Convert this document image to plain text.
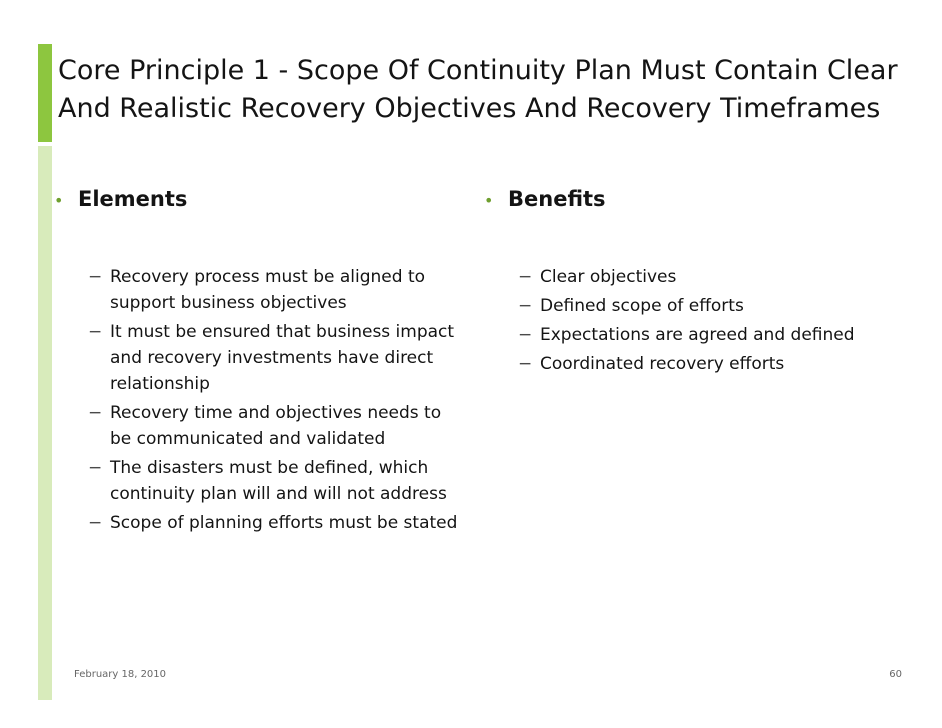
Core Principle 1 - Scope Of Continuity Plan Must Contain Clear And Realistic Recovery Objectives And Recovery Timeframes
• Elements
− Recovery process must be aligned to support business objectives
− It must be ensured that business impact and recovery investments have direct relationship
− Recovery time and objectives needs to be communicated and validated
− The disasters must be defined, which continuity plan will and will not address
− Scope of planning efforts must be stated
• Benefits
− Clear objectives
− Defined scope of efforts
− Expectations are agreed and defined
− Coordinated recovery efforts
February 18, 2010	60
